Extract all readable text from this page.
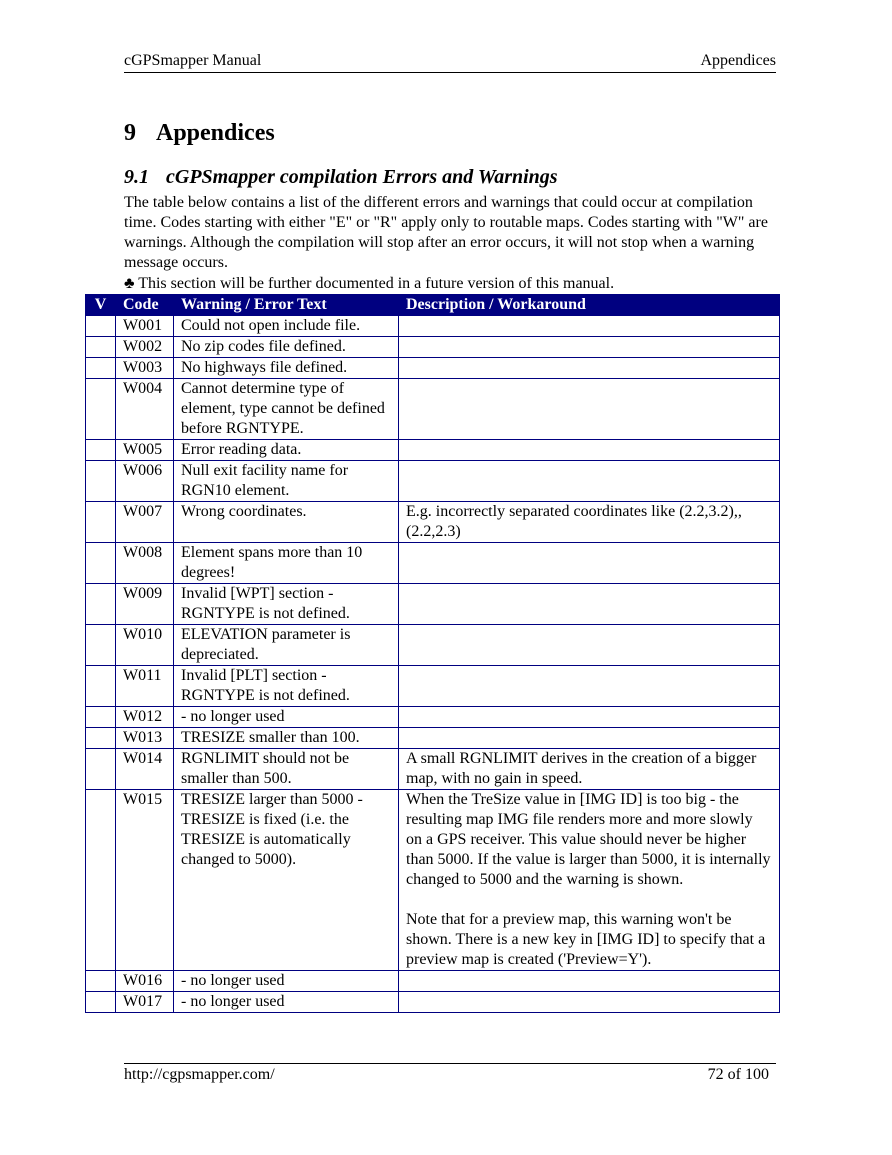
cGPSmapper Manual	Appendices
9 Appendices
9.1 cGPSmapper compilation Errors and Warnings

The table below contains a list of the different errors and warnings that could occur at compilation time. Codes starting with either "E" or "R" apply only to routable maps. Codes starting with "W" are warnings. Although the compilation will stop after an error occurs, it will not stop when a warning message occurs.

♣ This section will be further documented in a future version of this manual.
V	Code	Warning / Error Text	Description / Workaround
	W001	Could not open include file.	
	W002	No zip codes file defined.	
	W003	No highways file defined.	
	W004	Cannot determine type of element, type cannot be defined before RGNTYPE.	
	W005	Error reading data.	
	W006	Null exit facility name for RGN10 element.	
	W007	Wrong coordinates.	E.g. incorrectly separated coordinates like (2.2,3.2),,(2.2,2.3)
	W008	Element spans more than 10 degrees!	
	W009	Invalid [WPT] section - RGNTYPE is not defined.	
	W010	ELEVATION parameter is depreciated.	
	W011	Invalid [PLT] section - RGNTYPE is not defined.	
	W012	- no longer used	
	W013	TRESIZE smaller than 100.	
	W014	RGNLIMIT should not be smaller than 500.	A small RGNLIMIT derives in the creation of a bigger map, with no gain in speed.
	W015	TRESIZE larger than 5000 - TRESIZE is fixed (i.e. the TRESIZE is automatically changed to 5000).	When the TreSize value in [IMG ID] is too big - the resulting map IMG file renders more and more slowly on a GPS receiver. This value should never be higher than 5000. If the value is larger than 5000, it is internally changed to 5000 and the warning is shown.

Note that for a preview map, this warning won't be shown. There is a new key in [IMG ID] to specify that a preview map is created ('Preview=Y').
	W016	- no longer used	
	W017	- no longer used	
http://cgpsmapper.com/	72 of 100
